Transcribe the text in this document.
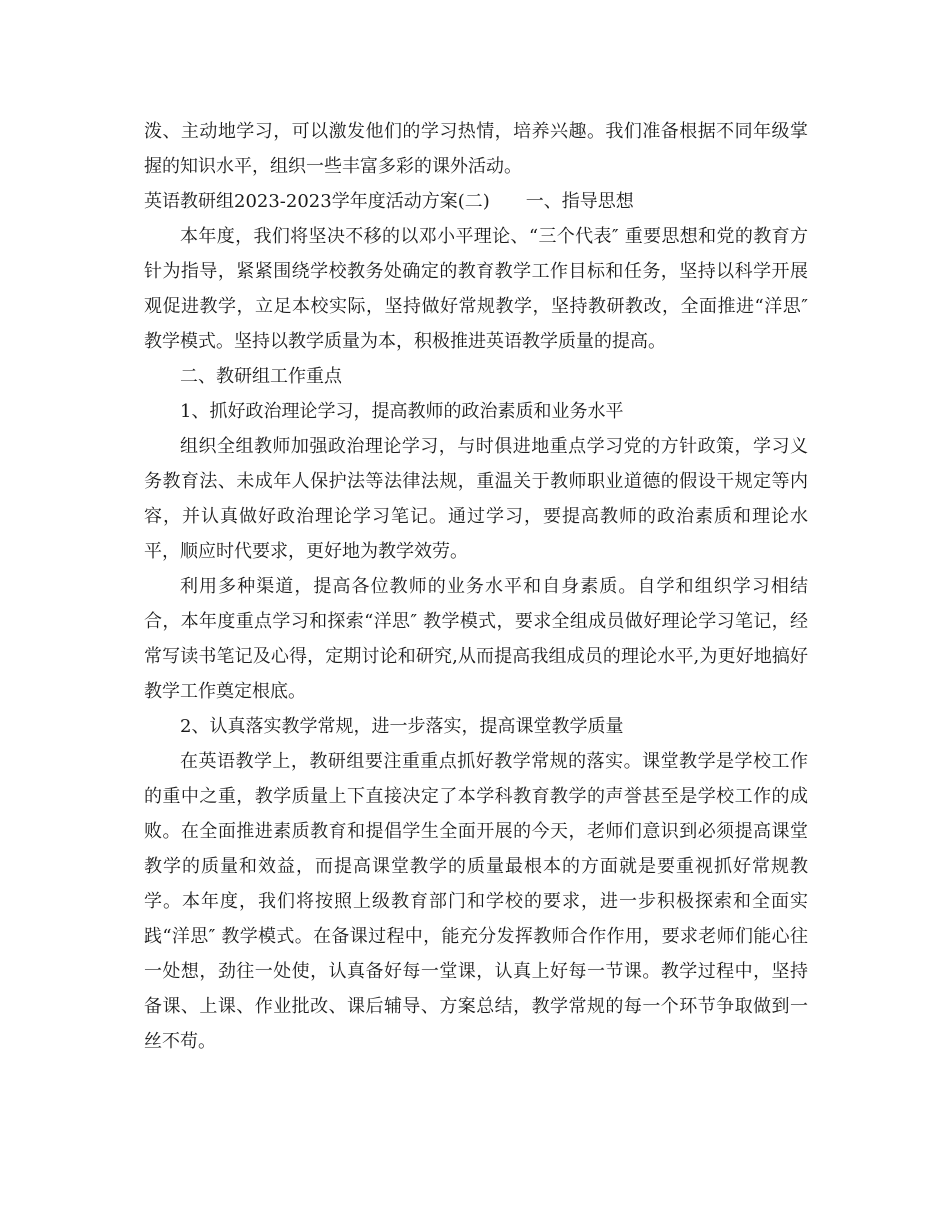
泼、主动地学习，可以激发他们的学习热情，培养兴趣。我们准备根据不同年级掌握的知识水平，组织一些丰富多彩的课外活动。

英语教研组2023-2023学年度活动方案(二)　　一、指导思想

本年度，我们将坚决不移的以邓小平理论、“三个代表″ 重要思想和党的教育方针为指导，紧紧围绕学校教务处确定的教育教学工作目标和任务，坚持以科学开展观促进教学，立足本校实际，坚持做好常规教学，坚持教研教改，全面推进“洋思″ 教学模式。坚持以教学质量为本，积极推进英语教学质量的提高。

二、教研组工作重点

1、抓好政治理论学习，提高教师的政治素质和业务水平

组织全组教师加强政治理论学习，与时俱进地重点学习党的方针政策，学习义务教育法、未成年人保护法等法律法规，重温关于教师职业道德的假设干规定等内容，并认真做好政治理论学习笔记。通过学习，要提高教师的政治素质和理论水平，顺应时代要求，更好地为教学效劳。

利用多种渠道，提高各位教师的业务水平和自身素质。自学和组织学习相结合，本年度重点学习和探索“洋思″ 教学模式，要求全组成员做好理论学习笔记，经常写读书笔记及心得，定期讨论和研究,从而提高我组成员的理论水平,为更好地搞好教学工作奠定根底。

2、认真落实教学常规，进一步落实，提高课堂教学质量

在英语教学上，教研组要注重重点抓好教学常规的落实。课堂教学是学校工作的重中之重，教学质量上下直接决定了本学科教育教学的声誉甚至是学校工作的成败。在全面推进素质教育和提倡学生全面开展的今天，老师们意识到必须提高课堂教学的质量和效益，而提高课堂教学的质量最根本的方面就是要重视抓好常规教学。本年度，我们将按照上级教育部门和学校的要求，进一步积极探索和全面实践“洋思″ 教学模式。在备课过程中，能充分发挥教师合作作用，要求老师们能心往一处想，劲往一处使，认真备好每一堂课，认真上好每一节课。教学过程中，坚持备课、上课、作业批改、课后辅导、方案总结，教学常规的每一个环节争取做到一丝不苟。
